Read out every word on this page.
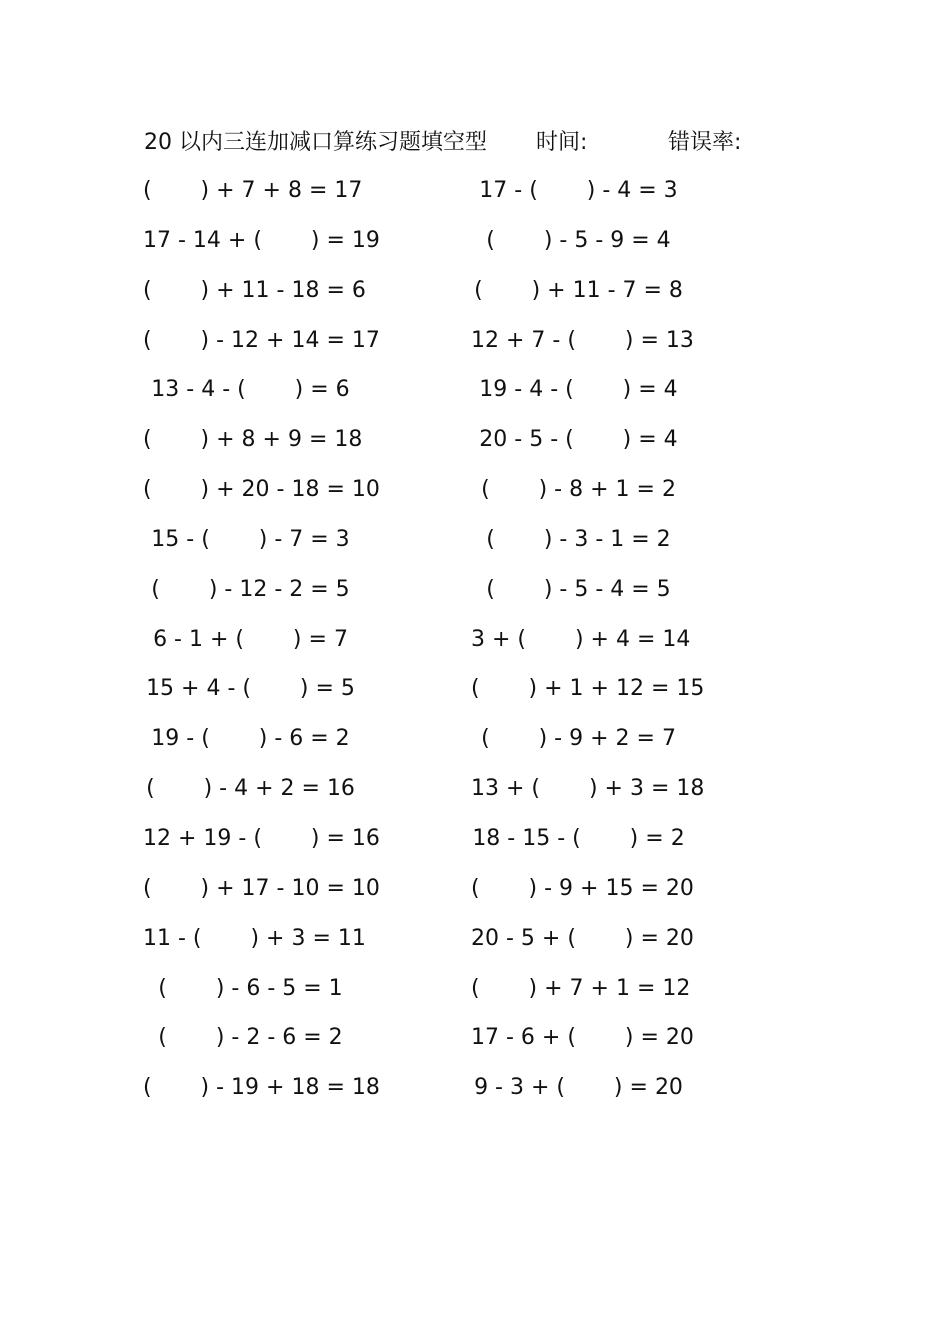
20 以内三连加减口算练习题填空型

时间:

	错误率:

(       ) + 7 + 8 = 17
17 - 14 + (       ) = 19
(       ) + 11 - 18 = 6
(       ) - 12 + 14 = 17
13 - 4 - (       ) = 6
(       ) + 8 + 9 = 18
(       ) + 20 - 18 = 10
15 - (       ) - 7 = 3
(       ) - 12 - 2 = 5
6 - 1 + (       ) = 7
15 + 4 - (       ) = 5
19 - (       ) - 6 = 2
(       ) - 4 + 2 = 16
12 + 19 - (       ) = 16
(       ) + 17 - 10 = 10
11 - (       ) + 3 = 11
(       ) - 6 - 5 = 1
(       ) - 2 - 6 = 2
(       ) - 19 + 18 = 18
17 - (       ) - 4 = 3
(       ) - 5 - 9 = 4
(       ) + 11 - 7 = 8
12 + 7 - (       ) = 13
19 - 4 - (       ) = 4
20 - 5 - (       ) = 4
(       ) - 8 + 1 = 2
(       ) - 3 - 1 = 2
(       ) - 5 - 4 = 5
3 + (       ) + 4 = 14
(       ) + 1 + 12 = 15
(       ) - 9 + 2 = 7
13 + (       ) + 3 = 18
18 - 15 - (       ) = 2
(       ) - 9 + 15 = 20
20 - 5 + (       ) = 20
(       ) + 7 + 1 = 12
17 - 6 + (       ) = 20
9 - 3 + (       ) = 20
